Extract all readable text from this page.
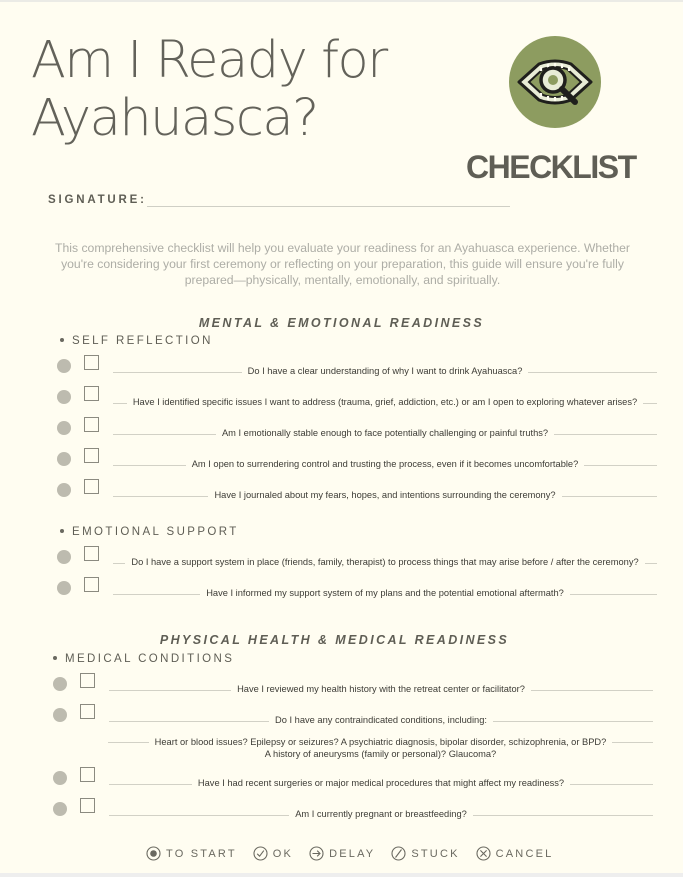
Am I Ready for
Ayahuasca?
CHECKLIST
SIGNATURE:

This comprehensive checklist will help you evaluate your readiness for an Ayahuasca experience. Whether you're considering your first ceremony or reflecting on your preparation, this guide will ensure you're fully prepared—physically, mentally, emotionally, and spiritually.

MENTAL & EMOTIONAL READINESS
SELF REFLECTION
Do I have a clear understanding of why I want to drink Ayahuasca?
Have I identified specific issues I want to address (trauma, grief, addiction, etc.) or am I open to exploring whatever arises?
Am I emotionally stable enough to face potentially challenging or painful truths?
Am I open to surrendering control and trusting the process, even if it becomes uncomfortable?
Have I journaled about my fears, hopes, and intentions surrounding the ceremony?
EMOTIONAL SUPPORT
Do I have a support system in place (friends, family, therapist) to process things that may arise before / after the ceremony?
Have I informed my support system of my plans and the potential emotional aftermath?
PHYSICAL HEALTH & MEDICAL READINESS
MEDICAL CONDITIONS
Have I reviewed my health history with the retreat center or facilitator?
Do I have any contraindicated conditions, including:
Heart or blood issues? Epilepsy or seizures? A psychiatric diagnosis, bipolar disorder, schizophrenia, or BPD?
A history of aneurysms (family or personal)? Glaucoma?
Have I had recent surgeries or major medical procedures that might affect my readiness?
Am I currently pregnant or breastfeeding?
TO START	OK	DELAY	STUCK	CANCEL
